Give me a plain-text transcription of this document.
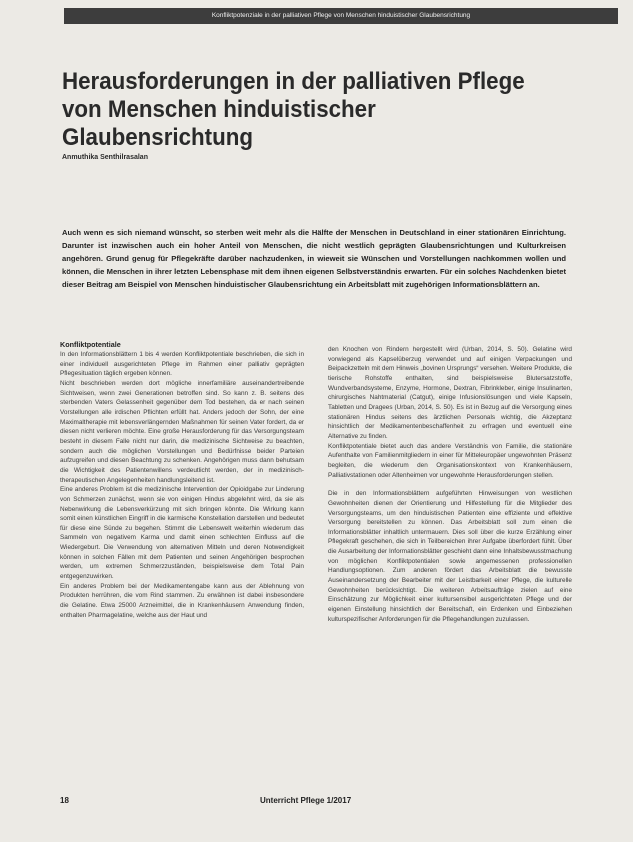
Konfliktpotenziale in der palliativen Pflege von Menschen hinduistischer Glaubensrichtung
Herausforderungen in der palliativen Pflege von Menschen hinduistischer Glaubensrichtung
Anmuthika Senthilrasalan

Auch wenn es sich niemand wünscht, so sterben weit mehr als die Hälfte der Menschen in Deutschland in einer stationären Einrichtung. Darunter ist inzwischen auch ein hoher Anteil von Menschen, die nicht westlich geprägten Glaubensrichtungen und Kulturkreisen angehören. Grund genug für Pflegekräfte darüber nachzudenken, in wieweit sie Wünschen und Vorstellungen nachkommen wollen und können, die Menschen in ihrer letzten Lebensphase mit dem ihnen eigenen Selbstverständnis erwarten. Für ein solches Nachdenken bietet dieser Beitrag am Beispiel von Menschen hinduistischer Glaubensrichtung ein Arbeitsblatt mit zugehörigen Informationsblättern an.

Konfliktpotentiale

In den Informationsblättern 1 bis 4 werden Konfliktpotentiale beschrieben, die sich in einer individuell ausgerichteten Pflege im Rahmen einer palliativ geprägten Pflegesituation täglich ergeben können.

Nicht beschrieben werden dort mögliche innerfamiliäre auseinandertreibende Sichtweisen, wenn zwei Generationen betroffen sind. So kann z. B. seitens des sterbenden Vaters Gelassenheit gegenüber dem Tod bestehen, da er nach seinen Vorstellungen alle irdischen Pflichten erfüllt hat. Anders jedoch der Sohn, der eine Maximaltherapie mit lebensverlängernden Maßnahmen für seinen Vater fordert, da er diesen nicht verlieren möchte. Eine große Herausforderung für das Versorgungsteam besteht in diesem Falle nicht nur darin, die medizinische Sichtweise zu beachten, sondern auch die möglichen Vorstellungen und Bedürfnisse beider Parteien aufzugreifen und diesen Beachtung zu schenken. Angehörigen muss dann behutsam die Wichtigkeit des Patientenwillens verdeutlicht werden, der in medizinisch-therapeutischen Angelegenheiten handlungsleitend ist.

Eine anderes Problem ist die medizinische Intervention der Opioidgabe zur Linderung von Schmerzen zunächst, wenn sie von einigen Hindus abgelehnt wird, da sie als Nebenwirkung die Lebensverkürzung mit sich bringen könnte. Die Wirkung kann somit einen künstlichen Eingriff in die karmische Konstellation darstellen und bedeutet für diese eine Sünde zu begehen. Stimmt die Lebenswelt weiterhin wiederum das Sammeln von negativem Karma und damit einen schlechten Einfluss auf die Wiedergeburt. Die Verwendung von alternativen Mitteln und deren Notwendigkeit können in solchen Fällen mit dem Patienten und seinen Angehörigen besprochen werden, um extremen Schmerzzuständen, beispielsweise dem Total Pain entgegenzuwirken.

Ein anderes Problem bei der Medikamentengabe kann aus der Ablehnung von Produkten herrühren, die vom Rind stammen. Zu erwähnen ist dabei insbesondere die Gelatine. Etwa 25000 Arzneimittel, die in Krankenhäusern Anwendung finden, enthalten Pharmagelatine, welche aus der Haut und

den Knochen von Rindern hergestellt wird (Urban, 2014, S. 50). Gelatine wird vorwiegend als Kapselüberzug verwendet und auf einigen Verpackungen und Beipackzetteln mit dem Hinweis „bovinen Ursprungs“ versehen. Weitere Produkte, die tierische Rohstoffe enthalten, sind beispielsweise Blutersatzstoffe, Wundverbandsysteme, Enzyme, Hormone, Dextran, Fibrinkleber, einige Insulinarten, chirurgisches Nahtmaterial (Catgut), einige Infusionslösungen und viele Kapseln, Tabletten und Dragees (Urban, 2014, S. 50). Es ist in Bezug auf die Versorgung eines stationären Hindus seitens des ärztlichen Personals wichtig, die Akzeptanz hinsichtlich der Medikamentenbeschaffenheit zu erfragen und eventuell eine Alternative zu finden.

Konfliktpotentiale bietet auch das andere Verständnis von Familie, die stationäre Aufenthalte von Familienmitgliedern in einer für Mitteleuropäer ungewohnten Präsenz begleiten, die wiederum den Organisationskontext von Krankenhäusern, Palliativstationen oder Altenheimen vor ungewohnte Herausforderungen stellen.

Die in den Informationsblättern aufgeführten Hinweisungen von westlichen Gewohnheiten dienen der Orientierung und Hilfestellung für die Mitglieder des Versorgungsteams, um den hinduistischen Patienten eine effiziente und effektive Versorgung bereitstellen zu können. Das Arbeitsblatt soll zum einen die Informationsblätter inhaltlich untermauern. Dies soll über die kurze Erzählung einer Pflegekraft geschehen, die sich in Teilbereichen ihrer Aufgabe überfordert fühlt. Über die Ausarbeitung der Informationsblätter geschieht dann eine Inhaltsbewusstmachung von möglichen Konfliktpotentialen sowie angemessenen professionellen Handlungsoptionen. Zum anderen fördert das Arbeitsblatt die bewusste Auseinandersetzung der Bearbeiter mit der Leistbarkeit einer Pflege, die kulturelle Gewohnheiten berücksichtigt. Die weiteren Arbeitsaufträge zielen auf eine Einschätzung zur Möglichkeit einer kultursensibel ausgerichteten Pflege und der eigenen Einstellung hinsichtlich der Bereitschaft, ein Erdenken und Einbeziehen kulturspezifischer Anforderungen für die Pflegehandlungen zuzulassen.

18	Unterricht Pflege 1/2017
